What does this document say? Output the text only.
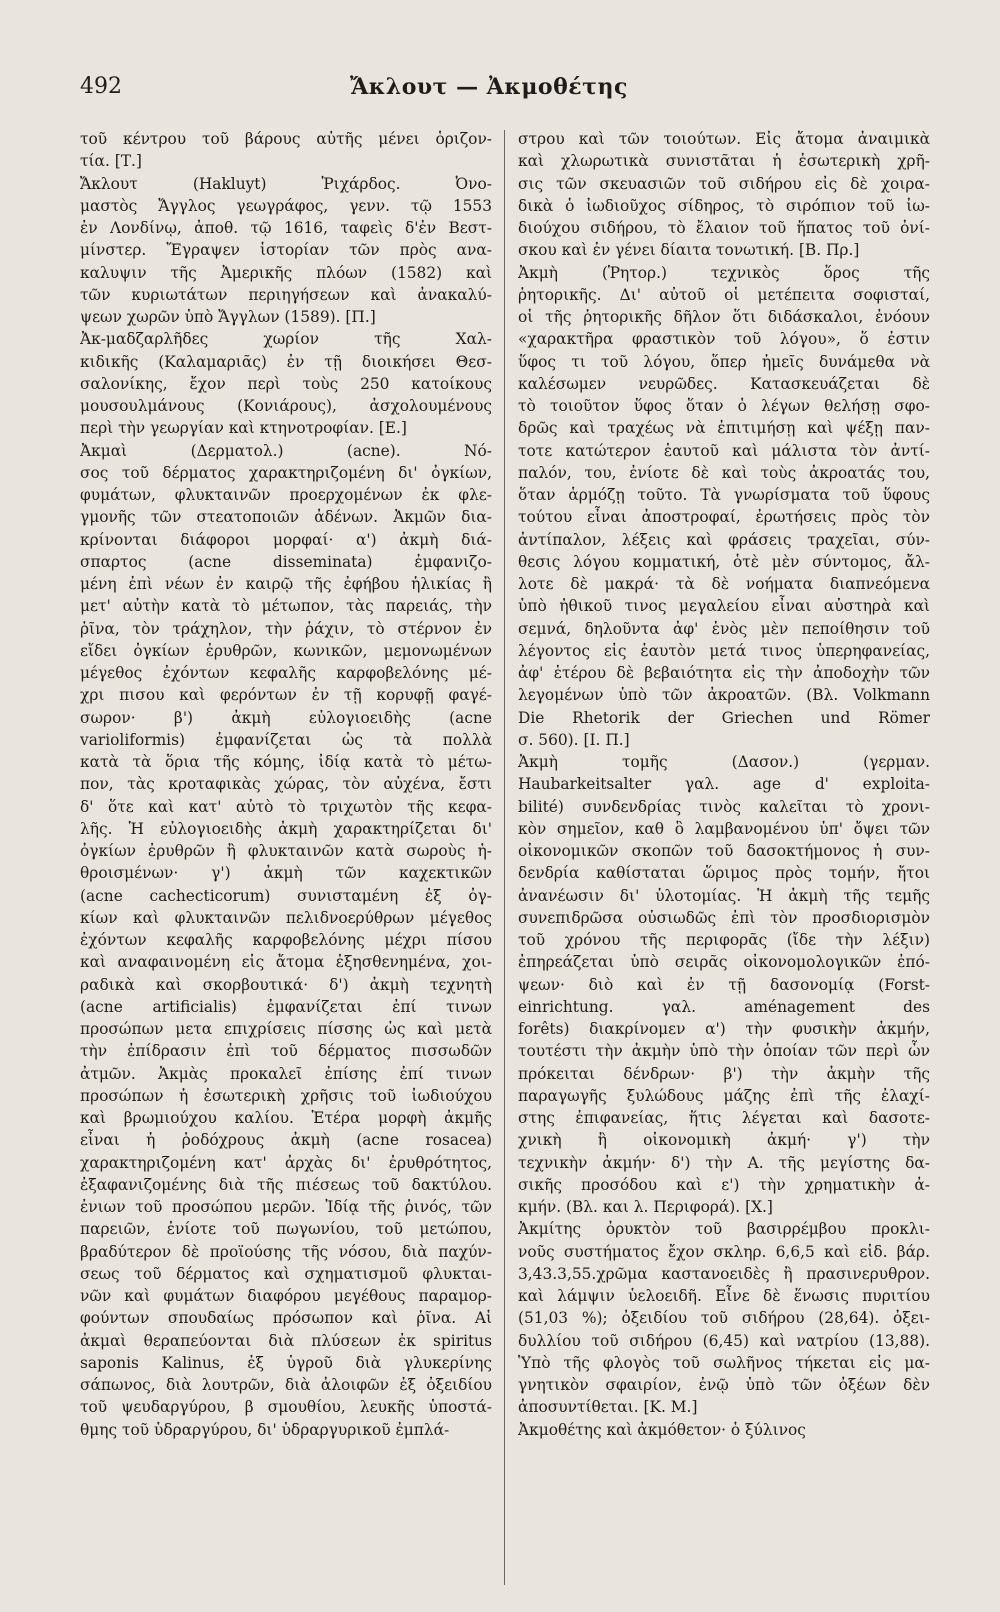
492	Ἄκλουτ — Ἀκμοθέτης
τοῦ κέντρου τοῦ βάρους αὐτῆς μένει ὁριζον-
τία. [Τ.]
Ἄκλουτ (Hakluyt) Ῥιχάρδος. Ὀνο-
μαστὸς Ἄγγλος γεωγράφος, γενν. τῷ 1553
ἐν Λονδίνῳ, ἀποθ. τῷ 1616, ταφεὶς δ'ἐν Βεστ-
μίνστερ. Ἔγραψεν ἱστορίαν τῶν πρὸς ανα-
καλυψιν τῆς Ἀμερικῆς πλόων (1582) καὶ
τῶν κυριωτάτων περιηγήσεων καὶ ἀνακαλύ-
ψεων χωρῶν ὑπὸ Ἄγγλων (1589). [Π.]
Ἀκ-μαδζαρλῆδες χωρίον τῆς Χαλ-
κιδικῆς (Καλαμαριᾶς) ἐν τῇ διοικήσει Θεσ-
σαλονίκης, ἔχον περὶ τοὺς 250 κατοίκους
μουσουλμάνους (Κονιάρους), ἀσχολουμένους
περὶ τὴν γεωργίαν καὶ κτηνοτροφίαν. [Ε.]
Ἀκμαὶ (Δερματολ.) (acne). Νό-
σος τοῦ δέρματος χαρακτηριζομένη δι' ὀγκίων,
φυμάτων, φλυκταινῶν προερχομένων ἐκ φλε-
γμονῆς τῶν στεατοποιῶν ἀδένων. Ἀκμῶν δια-
κρίνονται διάφοροι μορφαί· α') ἀκμὴ διά-
σπαρτος (acne disseminata) ἐμφανιζο-
μένη ἐπὶ νέων ἐν καιρῷ τῆς ἐφήβου ἡλικίας ἢ
μετ' αὐτὴν κατὰ τὸ μέτωπον, τὰς παρειάς, τὴν
ῥῖνα, τὸν τράχηλον, τὴν ῥάχιν, τὸ στέρνον ἐν
εἴδει ὀγκίων ἐρυθρῶν, κωνικῶν, μεμονωμένων
μέγεθος ἐχόντων κεφαλῆς καρφοβελόνης μέ-
χρι πισου καὶ φερόντων ἐν τῇ κορυφῇ φαγέ-
σωρον· β') ἀκμὴ εὐλογιοειδὴς (acne
varioliformis) ἐμφανίζεται ὡς τὰ πολλὰ
κατὰ τὰ ὅρια τῆς κόμης, ἰδίᾳ κατὰ τὸ μέτω-
πον, τὰς κροταφικὰς χώρας, τὸν αὐχένα, ἔστι
δ' ὅτε καὶ κατ' αὐτὸ τὸ τριχωτὸν τῆς κεφα-
λῆς. Ἡ εὐλογιοειδὴς ἀκμὴ χαρακτηρίζεται δι'
ὀγκίων ἐρυθρῶν ἢ φλυκταινῶν κατὰ σωροὺς ἠ-
θροισμένων· γ') ἀκμὴ τῶν καχεκτικῶν
(acne cachecticorum) συνισταμένη ἐξ ὀγ-
κίων καὶ φλυκταινῶν πελιδνοερύθρων μέγεθος
ἐχόντων κεφαλῆς καρφοβελόνης μέχρι πίσου
καὶ αναφαινομένη εἰς ἄτομα ἐξησθενημένα, χοι-
ραδικὰ καὶ σκορβουτικά· δ') ἀκμὴ τεχνητὴ
(acne artificialis) ἐμφανίζεται ἐπί τινων
προσώπων μετα επιχρίσεις πίσσης ὡς καὶ μετὰ
τὴν ἐπίδρασιν ἐπὶ τοῦ δέρματος πισσωδῶν
ἀτμῶν. Ἀκμὰς προκαλεῖ ἐπίσης ἐπί τινων
προσώπων ἡ ἐσωτερικὴ χρῆσις τοῦ ἰωδιούχου
καὶ βρωμιούχου καλίου. Ἑτέρα μορφὴ ἀκμῆς
εἶναι ἡ ῥοδόχρους ἀκμὴ (acne rosacea)
χαρακτηριζομένη κατ' ἀρχὰς δι' ἐρυθρότητος,
ἐξαφανιζομένης διὰ τῆς πιέσεως τοῦ δακτύλου.
ἐνιων τοῦ προσώπου μερῶν. Ἰδίᾳ τῆς ῥινός, τῶν
παρειῶν, ἐνίοτε τοῦ πωγωνίου, τοῦ μετώπου,
βραδύτερον δὲ προϊούσης τῆς νόσου, διὰ παχύν-
σεως τοῦ δέρματος καὶ σχηματισμοῦ φλυκται-
νῶν καὶ φυμάτων διαφόρου μεγέθους παραμορ-
φούντων σπουδαίως πρόσωπον καὶ ῥῖνα. Αἱ
ἀκμαὶ θεραπεύονται διὰ πλύσεων ἐκ spiritus
saponis Kalinus, ἐξ ὑγροῦ διὰ γλυκερίνης
σάπωνος, διὰ λουτρῶν, διὰ ἀλοιφῶν ἐξ ὀξειδίου
τοῦ ψευδαργύρου, β σμουθίου, λευκῆς ὑποστά-
θμης τοῦ ὑδραργύρου, δι' ὑδραργυρικοῦ ἐμπλά-
στρου καὶ τῶν τοιούτων. Εἰς ἄτομα ἀναιμικὰ
καὶ χλωρωτικὰ συνιστᾶται ἡ ἐσωτερικὴ χρῆ-
σις τῶν σκευασιῶν τοῦ σιδήρου εἰς δὲ χοιρα-
δικὰ ὁ ἰωδιοῦχος σίδηρος, τὸ σιρόπιον τοῦ ἰω-
διούχου σιδήρου, τὸ ἔλαιον τοῦ ἥπατος τοῦ ὀνί-
σκου καὶ ἐν γένει δίαιτα τονωτική. [Β. Πρ.]
Ἀκμὴ (Ῥητορ.) τεχνικὸς ὅρος τῆς
ῥητορικῆς. Δι' αὐτοῦ οἱ μετέπειτα σοφισταί,
οἱ τῆς ῥητορικῆς δῆλον ὅτι διδάσκαλοι, ἐνόουν
«χαρακτῆρα φραστικὸν τοῦ λόγου», ὅ ἐστιν
ὕφος τι τοῦ λόγου, ὅπερ ἡμεῖς δυνάμεθα νὰ
καλέσωμεν νευρῶδες. Κατασκευάζεται δὲ
τὸ τοιοῦτον ὕφος ὅταν ὁ λέγων θελήσῃ σφο-
δρῶς καὶ τραχέως νὰ ἐπιτιμήσῃ καὶ ψέξῃ παν-
τοτε κατώτερον ἑαυτοῦ καὶ μάλιστα τὸν ἀντί-
παλόν, του, ἐνίοτε δὲ καὶ τοὺς ἀκροατάς του,
ὅταν ἁρμόζῃ τοῦτο. Τὰ γνωρίσματα τοῦ ὕφους
τούτου εἶναι ἀποστροφαί, ἐρωτήσεις πρὸς τὸν
ἀντίπαλον, λέξεις καὶ φράσεις τραχεῖαι, σύν-
θεσις λόγου κομματική, ὁτὲ μὲν σύντομος, ἄλ-
λοτε δὲ μακρά· τὰ δὲ νοήματα διαπνεόμενα
ὑπὸ ἠθικοῦ τινος μεγαλείου εἶναι αὐστηρὰ καὶ
σεμνά, δηλοῦντα ἀφ' ἑνὸς μὲν πεποίθησιν τοῦ
λέγοντος εἰς ἑαυτὸν μετά τινος ὑπερηφανείας,
ἀφ' ἑτέρου δὲ βεβαιότητα εἰς τὴν ἀποδοχὴν τῶν
λεγομένων ὑπὸ τῶν ἀκροατῶν. (Βλ. Volkmann
Die Rhetorik der Griechen und Römer
σ. 560). [Ι. Π.]
Ἀκμὴ τομῆς (Δασον.) (γερμαν.
Haubarkeitsalter γαλ. age d' exploita-
bilité) συνδενδρίας τινὸς καλεῖται τὸ χρονι-
κὸν σημεῖον, καθ ὃ λαμβανομένου ὑπ' ὄψει τῶν
οἰκονομικῶν σκοπῶν τοῦ δασοκτήμονος ἡ συν-
δενδρία καθίσταται ὥριμος πρὸς τομήν, ἤτοι
ἀνανέωσιν δι' ὑλοτομίας. Ἡ ἀκμὴ τῆς τεμῆς
συνεπιδρῶσα οὐσιωδῶς ἐπὶ τὸν προσδιορισμὸν
τοῦ χρόνου τῆς περιφορᾶς (ἴδε τὴν λέξιν)
ἐπηρεάζεται ὑπὸ σειρᾶς οἰκονομολογικῶν ἐπό-
ψεων· διὸ καὶ ἐν τῇ δασονομίᾳ (Forst-
einrichtung. γαλ. aménagement des
forêts) διακρίνομεν α') τὴν φυσικὴν ἀκμήν,
τουτέστι τὴν ἀκμὴν ὑπὸ τὴν ὁποίαν τῶν περὶ ὧν
πρόκειται δένδρων· β') τὴν ἀκμὴν τῆς
παραγωγῆς ξυλώδους μάζης ἐπὶ τῆς ἐλαχί-
στης ἐπιφανείας, ἥτις λέγεται καὶ δασοτε-
χνικὴ ἢ οἰκονομικὴ ἀκμή· γ') τὴν
τεχνικὴν ἀκμήν· δ') τὴν Α. τῆς μεγίστης δα-
σικῆς προσόδου καὶ ε') τὴν χρηματικὴν ἀ-
κμήν. (Βλ. και λ. Περιφορά). [Χ.]
Ἀκμίτης ὀρυκτὸν τοῦ βασιρρέμβου προκλι-
νοῦς συστήματος ἔχον σκληρ. 6,6,5 καὶ εἰδ. βάρ.
3,43.3,55.χρῶμα καστανοειδὲς ἢ πρασινερυθρον.
καὶ λάμψιν ὑελοειδῆ. Εἶνε δὲ ἕνωσις πυριτίου
(51,03 %); ὀξειδίου τοῦ σιδήρου (28,64). ὀξει-
δυλλίου τοῦ σιδήρου (6,45) καὶ νατρίου (13,88).
Ὑπὸ τῆς φλογὸς τοῦ σωλῆνος τήκεται εἰς μα-
γνητικὸν σφαιρίον, ἐνῷ ὑπὸ τῶν ὀξέων δὲν
ἀποσυντίθεται. [Κ. Μ.]
Ἀκμοθέτης καὶ ἀκμόθετον· ὁ ξύλινος
